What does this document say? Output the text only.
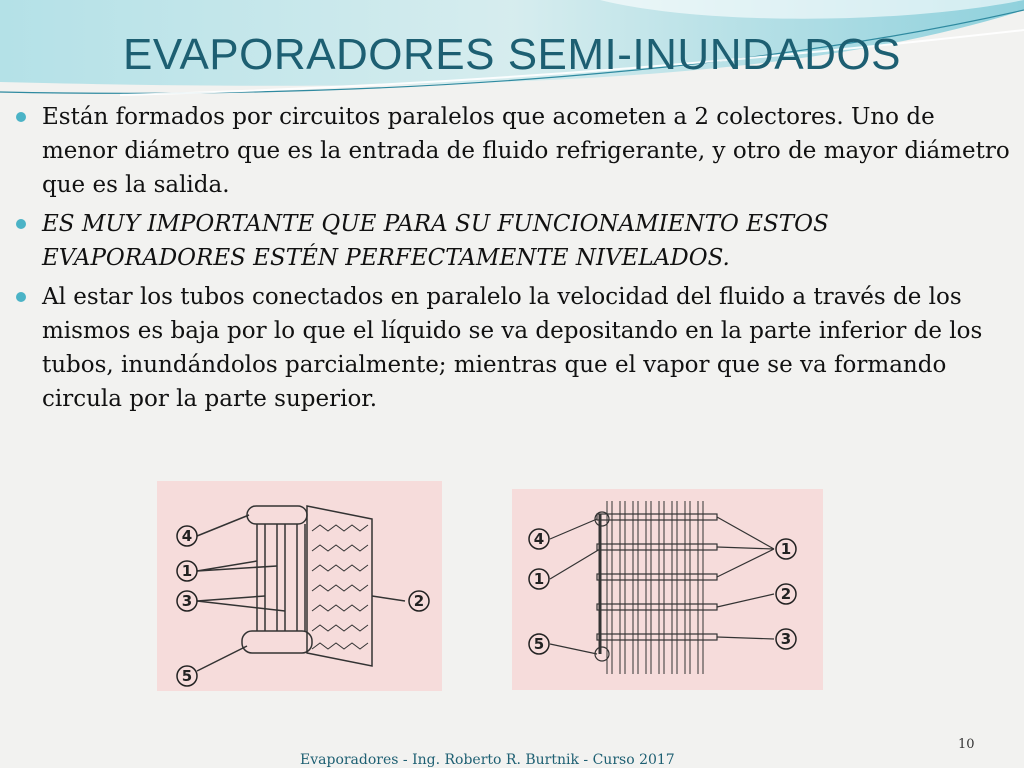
EVAPORADORES SEMI-INUNDADOS
Están formados por circuitos paralelos que acometen a 2 colectores. Uno de menor diámetro que es la entrada de fluido refrigerante, y otro de mayor diámetro que es la salida.
ES MUY IMPORTANTE QUE PARA SU FUNCIONAMIENTO ESTOS EVAPORADORES ESTÉN PERFECTAMENTE NIVELADOS.
Al estar los tubos conectados en paralelo la velocidad del fluido a través de los mismos es baja por lo que el líquido se va depositando en la parte inferior de los tubos, inundándolos parcialmente; mientras que el vapor que se va formando circula por la parte superior.
4
1
3	2
5
4
1
5
1
2
3
Evaporadores - Ing. Roberto R. Burtnik - Curso 2017
10
